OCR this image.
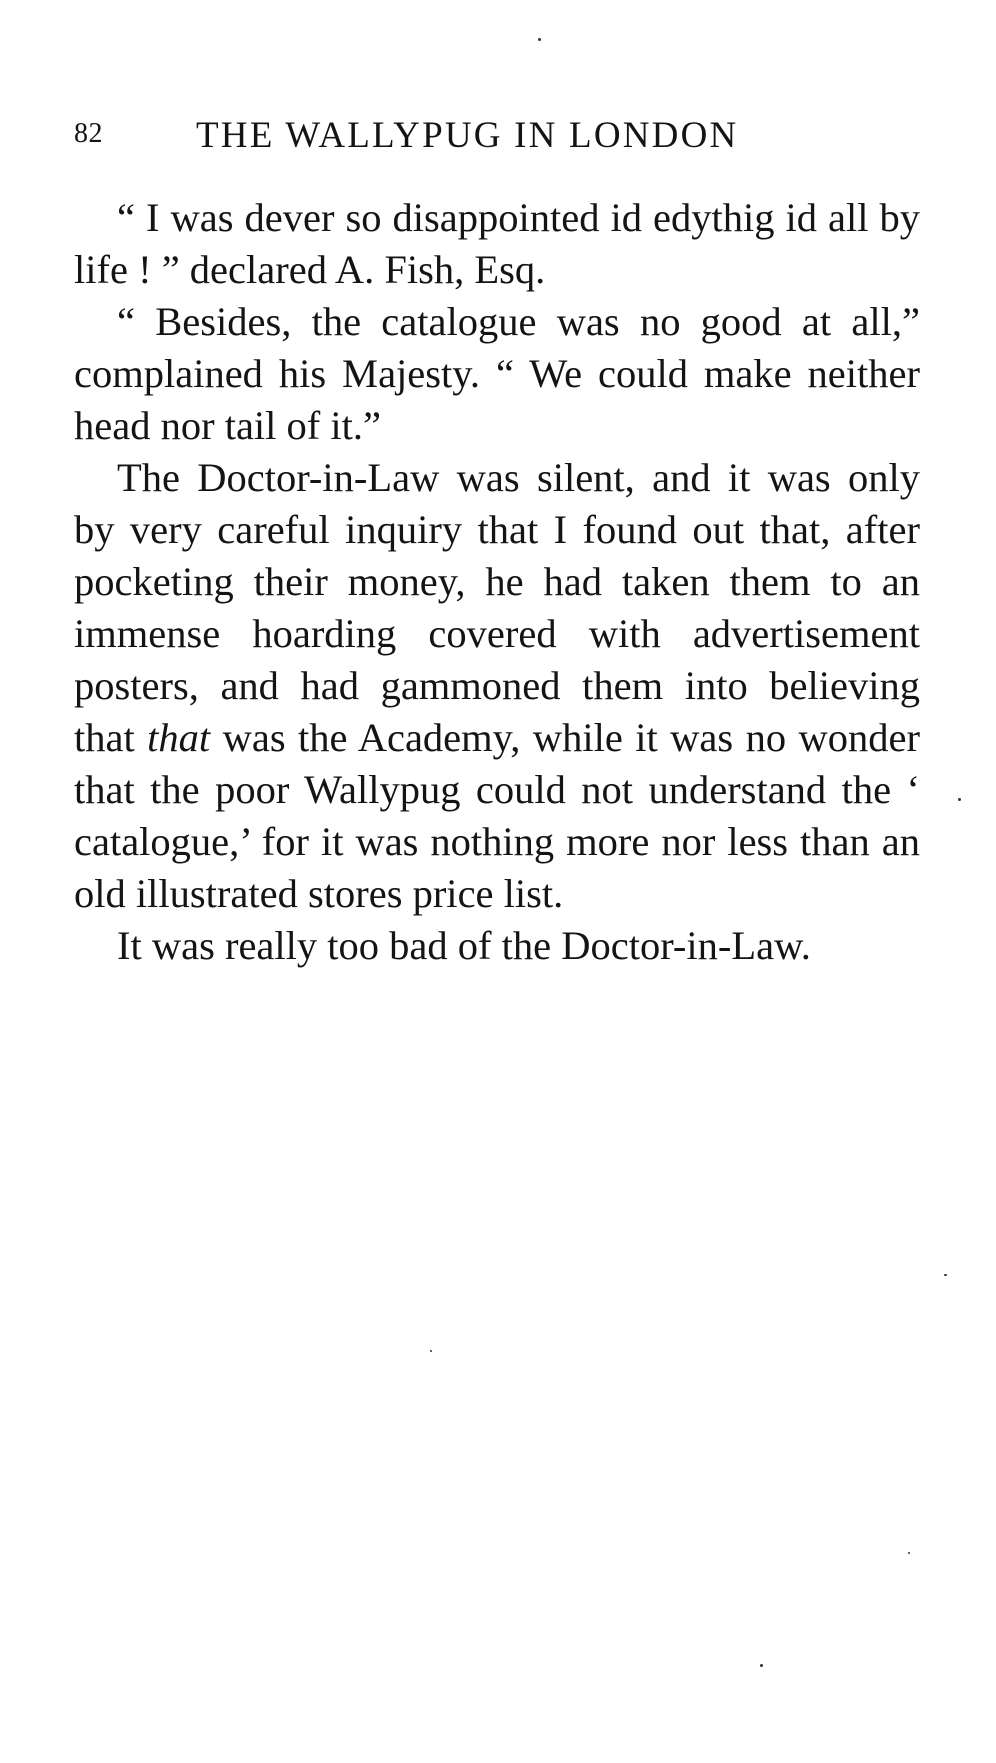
82	THE WALLYPUG IN LONDON

“ I was dever so disappointed id edythig id all by life ! ” declared A. Fish, Esq.

“ Besides, the catalogue was no good at all,” complained his Majesty. “ We could make neither head nor tail of it.”

The Doctor-in-Law was silent, and it was only by very careful inquiry that I found out that, after pocketing their money, he had taken them to an immense hoarding covered with advertisement posters, and had gammoned them into believing that that was the Academy, while it was no wonder that the poor Wallypug could not understand the ‘ catalogue,’ for it was nothing more nor less than an old illustrated stores price list.

It was really too bad of the Doctor-in-Law.
